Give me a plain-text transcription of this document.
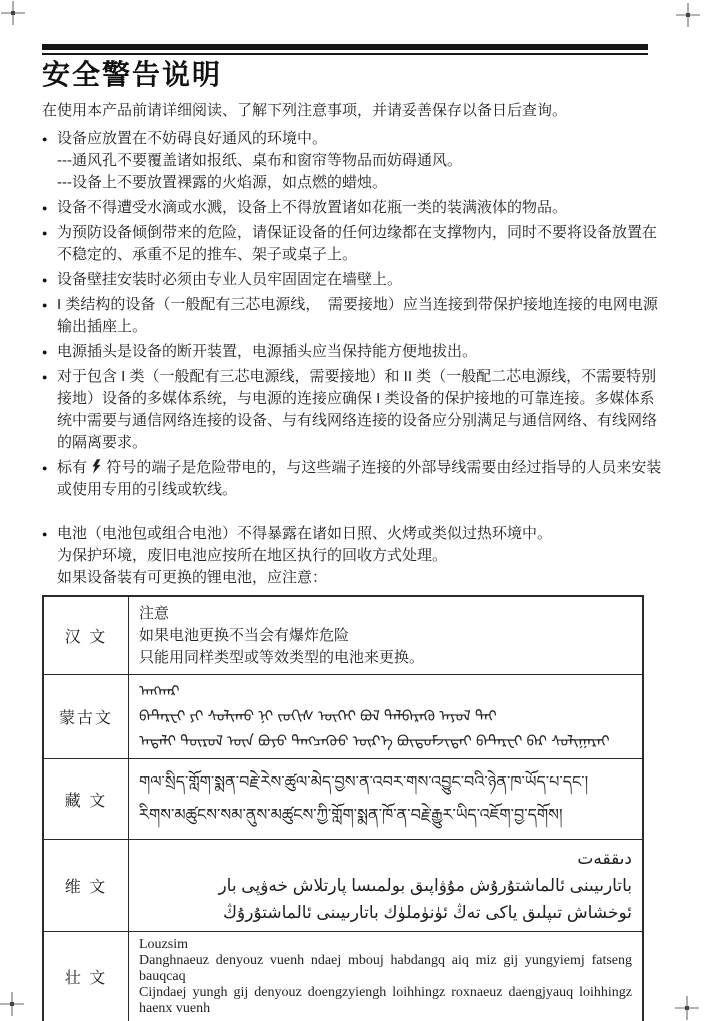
安全警告说明

在使用本产品前请详细阅读、了解下列注意事项，并请妥善保存以备日后查询。

● 设备应放置在不妨碍良好通风的环境中。
---通风孔不要覆盖诸如报纸、桌布和窗帘等物品而妨碍通风。
---设备上不要放置裸露的火焰源，如点燃的蜡烛。
● 设备不得遭受水滴或水溅，设备上不得放置诸如花瓶一类的装满液体的物品。
● 为预防设备倾倒带来的危险，请保证设备的任何边缘都在支撑物内，同时不要将设备放置在不稳定的、承重不足的推车、架子或桌子上。
● 设备壁挂安装时必须由专业人员牢固固定在墙壁上。
● I 类结构的设备（一般配有三芯电源线，　需要接地）应当连接到带保护接地连接的电网电源输出插座上。
● 电源插头是设备的断开装置，电源插头应当保持能方便地拔出。
● 对于包含 I 类（一般配有三芯电源线，需要接地）和 II 类（一般配二芯电源线，不需要特别接地）设备的多媒体系统，与电源的连接应确保 I 类设备的保护接地的可靠连接。多媒体系统中需要与通信网络连接的设备、与有线网络连接的设备应分别满足与通信网络、有线网络的隔离要求。
● 标有  符号的端子是危险带电的，与这些端子连接的外部导线需要由经过指导的人员来安装或使用专用的引线或软线。
● 电池（电池包或组合电池）不得暴露在诸如日照、火烤或类似过热环境中。
为保护环境，废旧电池应按所在地区执行的回收方式处理。
如果设备装有可更换的锂电池，应注意：
汉 文	注意
如果电池更换不当会有爆炸危险
只能用同样类型或等效类型的电池来更换。

蒙古文	ᠠᠩᠬᠠᠷ
ᠪᠠᠲ᠋ᠠᠷᠧᠢ ᠶᠢ ᠰᠣᠯᠢᠬᠤ ᠨᠢ ᠵᠣᠬᠢᠰ ᠦᠭᠡᠢ ᠪᠣᠯ ᠳᠡᠯᠪᠡᠷᠡᠬᠦ ᠠᠶᠤᠯ ᠲᠠᠢ
ᠠᠳᠠᠯᠢ ᠲᠥᠷᠥᠯ ᠦᠨ ᠪᠤᠶᠤ ᠲᠡᠩᠴᠡᠭᠦᠦ ᠦᠷ᠎ᠡ ᠪᠦᠲᠦᠮᠵᠢᠲᠡᠢ ᠪᠠᠲ᠋ᠠᠷᠧᠢ ᠪᠡᠷ ᠰᠣᠯᠢᠭᠠᠷᠠᠢ

藏 文	གལ་སྲིད་གློག་སྨན་བརྗེ་རེས་ཚུལ་མེད་བྱས་ན་འབར་གས་འབྱུང་བའི་ཉེན་ཁ་ཡོད་པ་དང་།
རིགས་མཚུངས་སམ་ནུས་མཚུངས་ཀྱི་གློག་སྨན་ཁོ་ན་བརྗེ་རྒྱུར་ཡིད་འཇོག་བྱ་དགོས།

维 文	دىققەت
باتارىيىنى ئالماشتۇرۇش مۇۋاپىق بولمىسا پارتلاش خەۋپى بار
ئوخشاش تىپلىق ياكى تەڭ ئۈنۈملۈك باتارىيىنى ئالماشتۇرۇڭ

壮 文	Louzsim
Danghnaeuz denyouz vuenh ndaej mbouj habdangq aiq miz gij yungyiemj fatseng
bauqcaq
Cijndaej yungh gij denyouz doengzyiengh loihhingz roxnaeuz daengjyauq loihhingz
haenx vuenh
